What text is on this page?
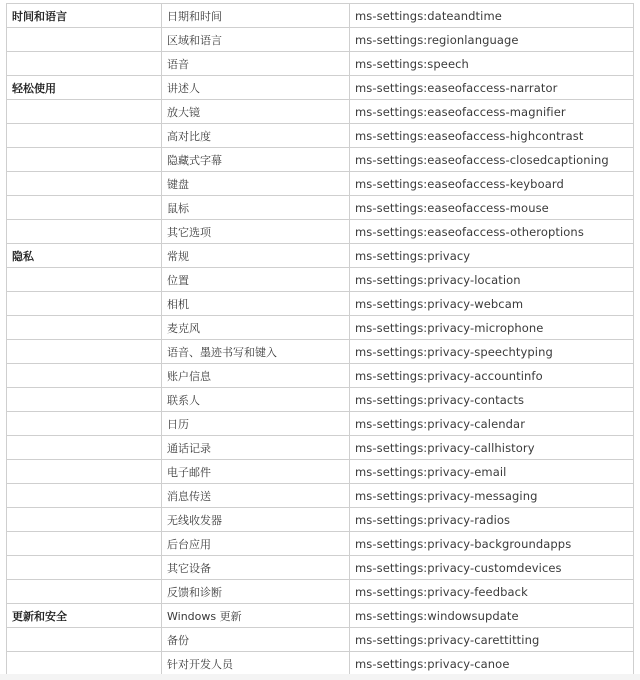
时间和语言	日期和时间	ms-settings:dateandtime
	区域和语言	ms-settings:regionlanguage
	语音	ms-settings:speech
轻松使用	讲述人	ms-settings:easeofaccess-narrator
	放大镜	ms-settings:easeofaccess-magnifier
	高对比度	ms-settings:easeofaccess-highcontrast
	隐藏式字幕	ms-settings:easeofaccess-closedcaptioning
	键盘	ms-settings:easeofaccess-keyboard
	鼠标	ms-settings:easeofaccess-mouse
	其它选项	ms-settings:easeofaccess-otheroptions
隐私	常规	ms-settings:privacy
	位置	ms-settings:privacy-location
	相机	ms-settings:privacy-webcam
	麦克风	ms-settings:privacy-microphone
	语音、墨迹书写和键入	ms-settings:privacy-speechtyping
	账户信息	ms-settings:privacy-accountinfo
	联系人	ms-settings:privacy-contacts
	日历	ms-settings:privacy-calendar
	通话记录	ms-settings:privacy-callhistory
	电子邮件	ms-settings:privacy-email
	消息传送	ms-settings:privacy-messaging
	无线收发器	ms-settings:privacy-radios
	后台应用	ms-settings:privacy-backgroundapps
	其它设备	ms-settings:privacy-customdevices
	反馈和诊断	ms-settings:privacy-feedback
更新和安全	Windows 更新	ms-settings:windowsupdate
	备份	ms-settings:privacy-carettitting
	针对开发人员	ms-settings:privacy-canoe
